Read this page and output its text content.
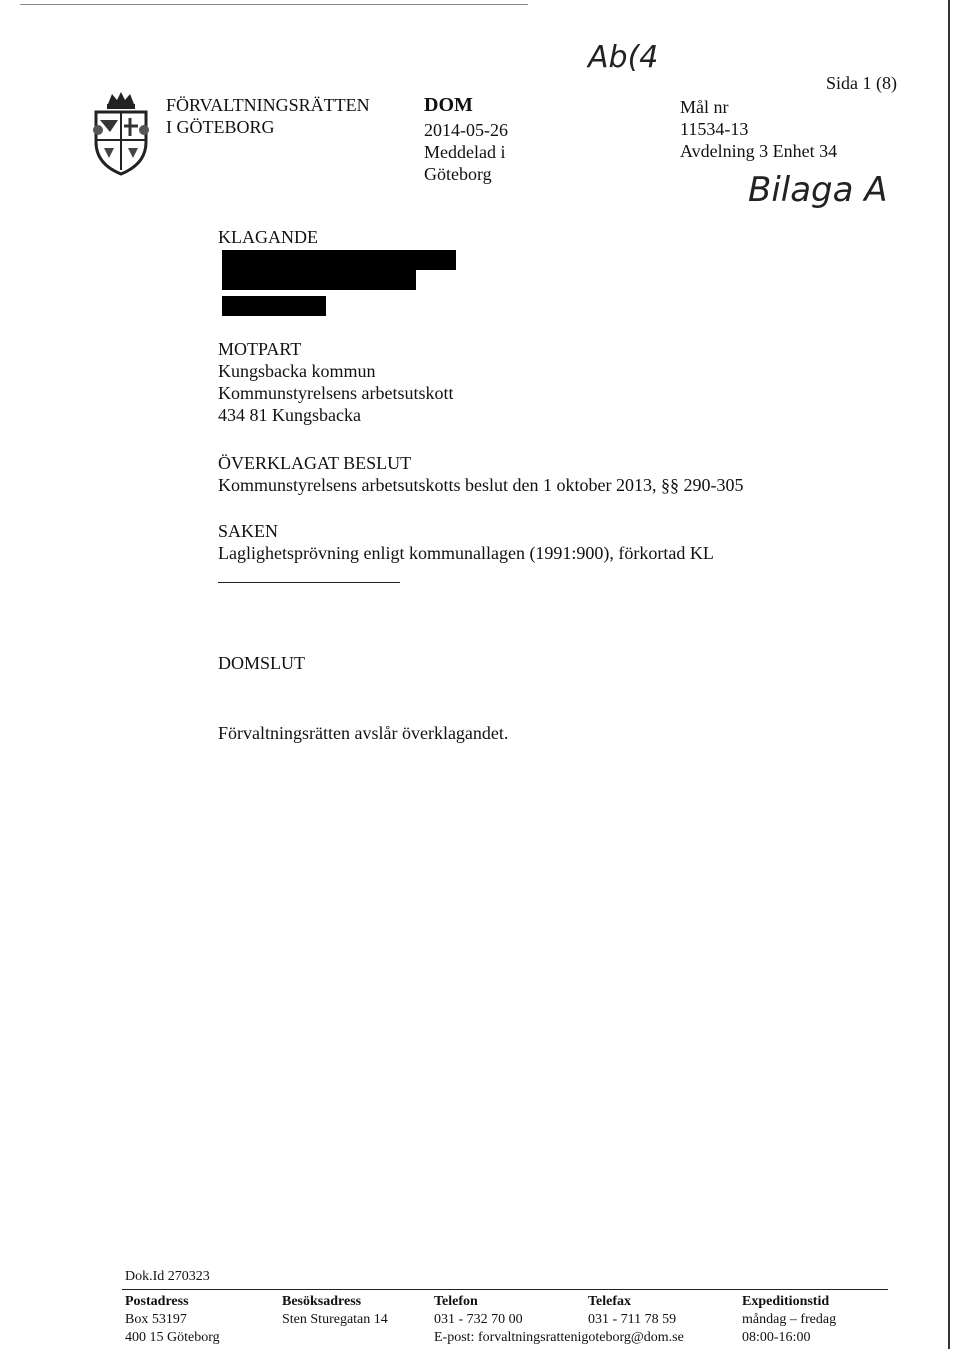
Ab(4
FÖRVALTNINGSRÄTTEN
I GÖTEBORG
DOM
2014-05-26
Meddelad i
Göteborg
Mål nr
11534-13
Avdelning 3 Enhet 34
Sida 1 (8)
Bilaga A
KLAGANDE
MOTPART
Kungsbacka kommun
Kommunstyrelsens arbetsutskott
434 81 Kungsbacka
ÖVERKLAGAT BESLUT
Kommunstyrelsens arbetsutskotts beslut den 1 oktober 2013, §§ 290-305
SAKEN
Laglighetsprövning enligt kommunallagen (1991:900), förkortad KL
DOMSLUT
Förvaltningsrätten avslår överklagandet.
Dok.Id 270323
Postadress
Box 53197
400 15 Göteborg
Besöksadress
Sten Sturegatan 14
Telefon
031 - 732 70 00
E-post: forvaltningsrattenigoteborg@dom.se
Telefax
031 - 711 78 59
Expeditionstid
måndag – fredag
08:00-16:00
